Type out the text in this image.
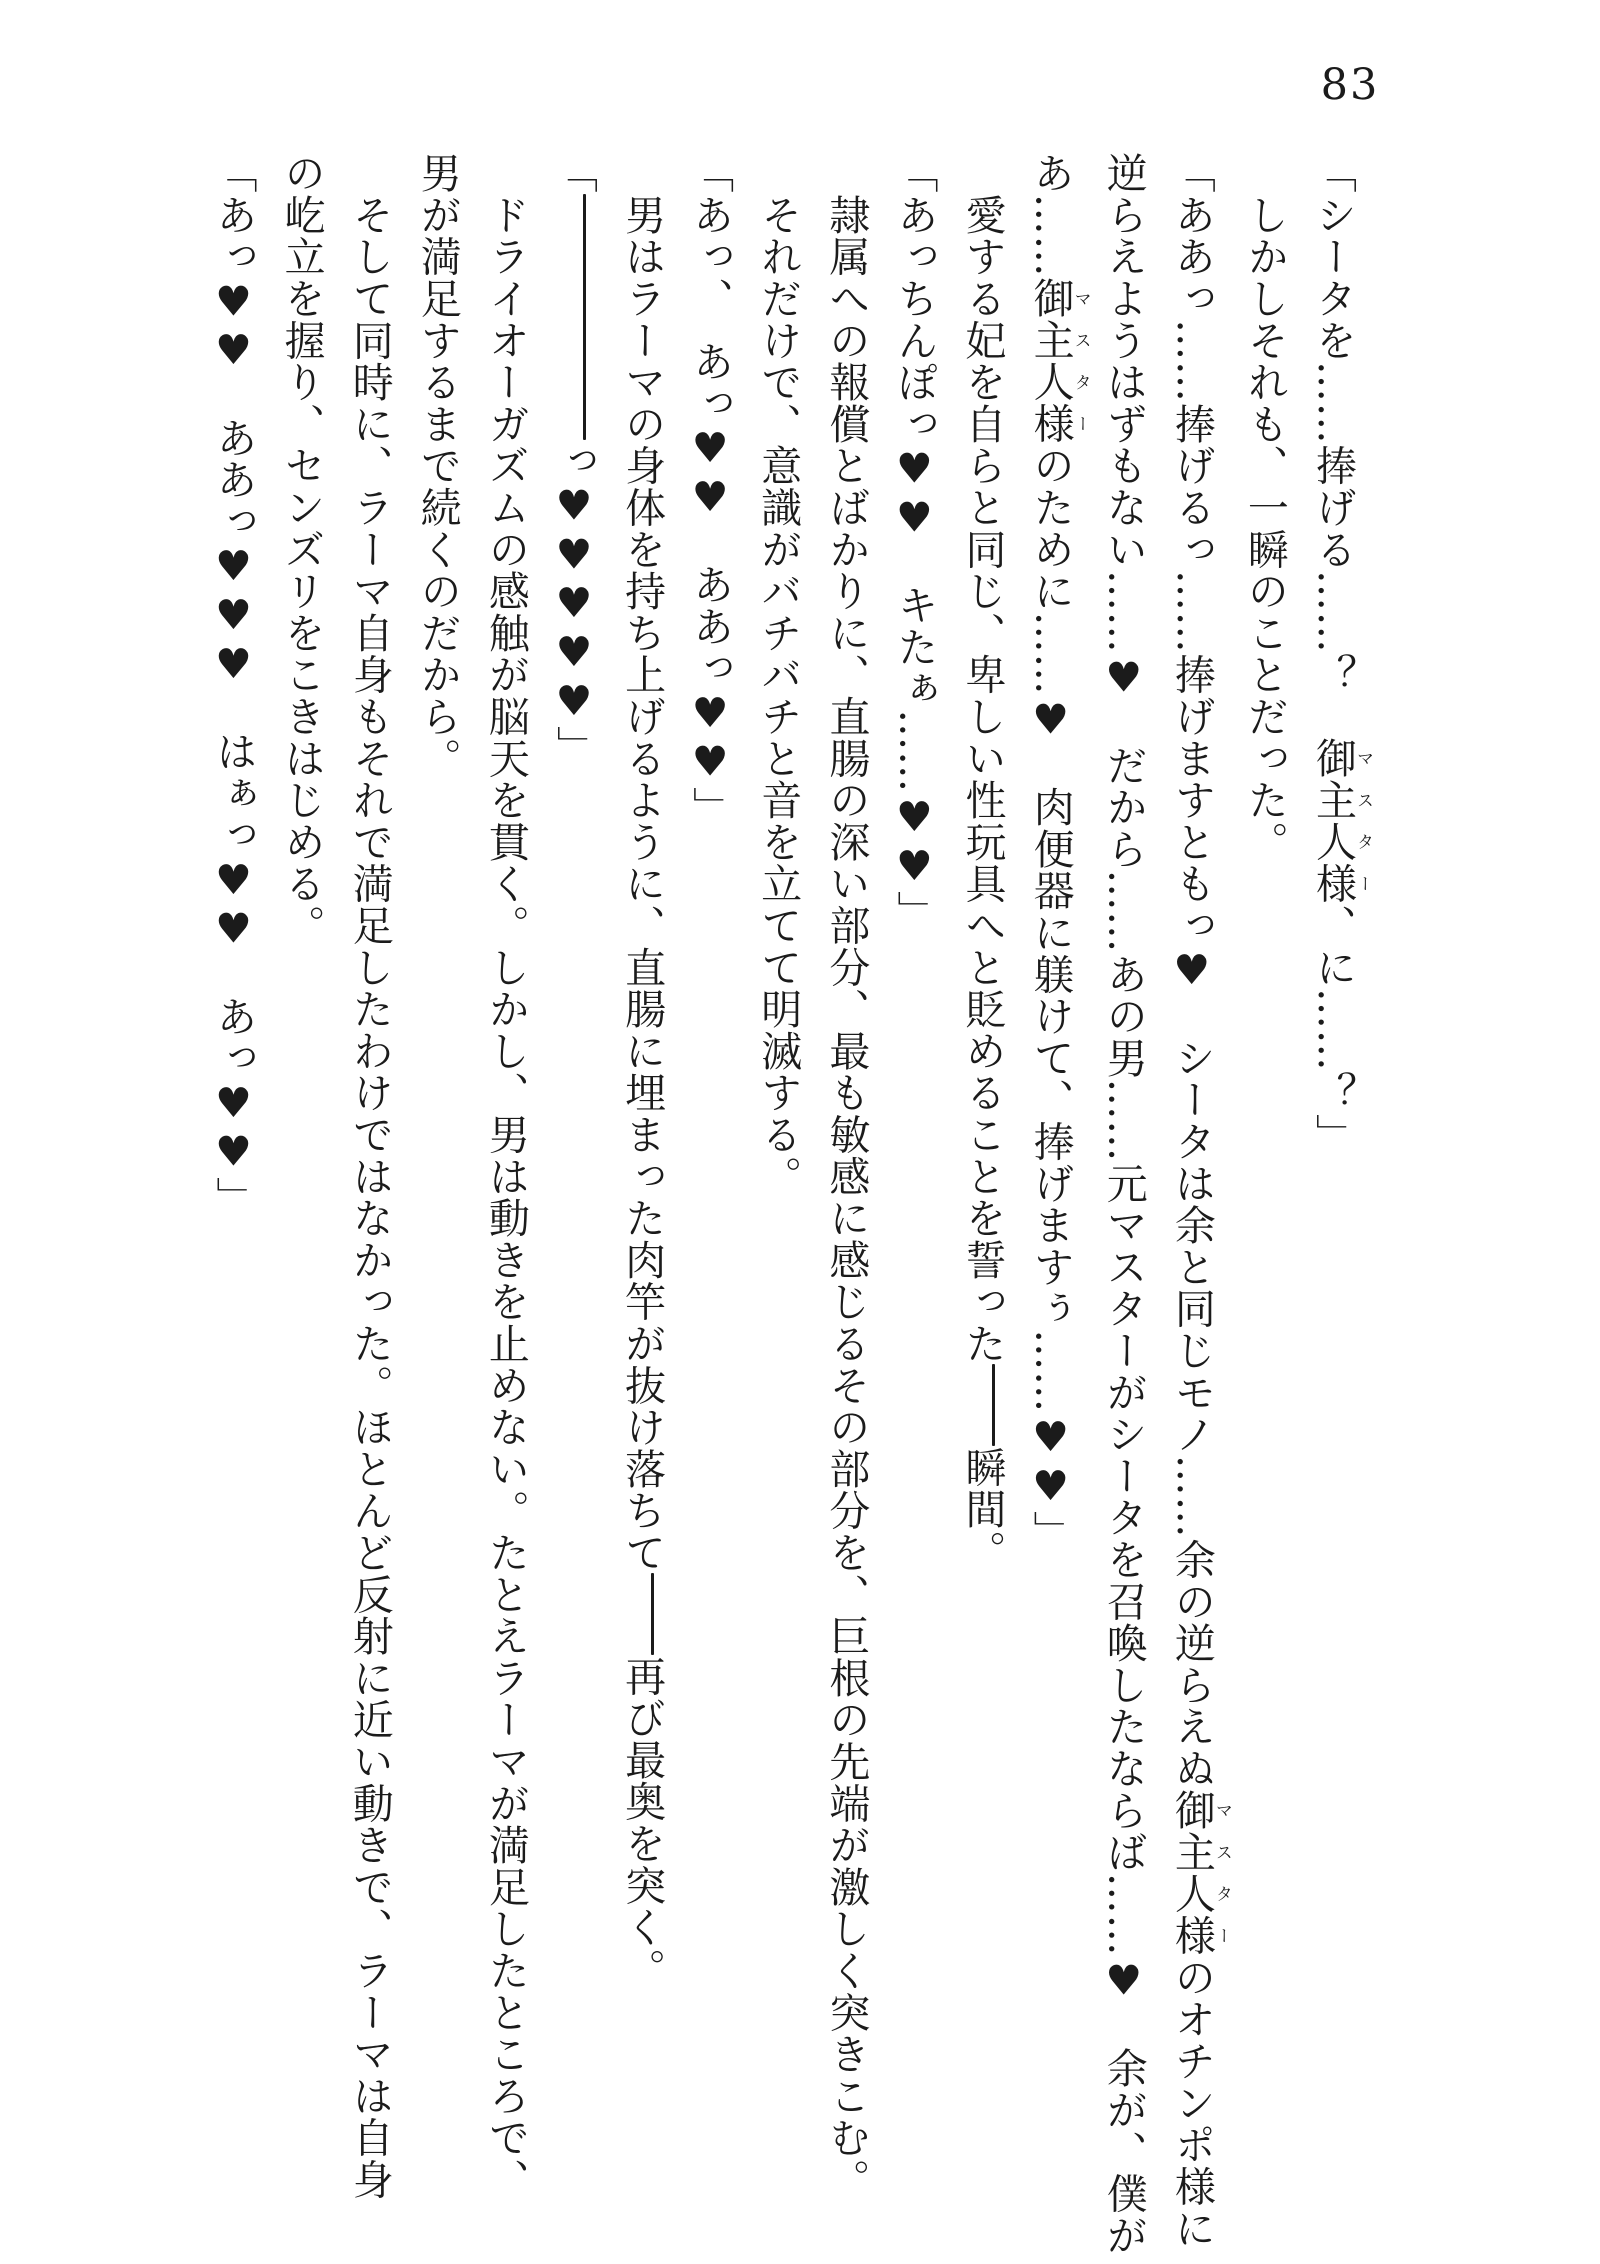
83

「シータを……捧げる……？　御主人様マスター、に……？」

　しかしそれも、一瞬のことだった。

「ああっ……捧げるっ……捧げますともっ♥　シータは余と同じモノ……余の逆らえぬ御主人様マスターのオチンポ様に

逆らえようはずもない……♥　だから……あの男……元マスターがシータを召喚したならば……♥　余が、僕が

あ……御主人様マスターのために……♥　肉便器に躾けて、捧げますぅ……♥♥」

　愛する妃を自らと同じ、卑しい性玩具へと貶めることを誓った瞬間。

「あっちんぽっ♥♥　キたぁ……♥♥」

　隷属への報償とばかりに、直腸の深い部分、最も敏感に感じるその部分を、巨根の先端が激しく突きこむ。

　それだけで、意識がバチバチと音を立てて明滅する。

「あっ、　あっ♥♥　ああっ♥♥」

　男はラーマの身体を持ち上げるように、直腸に埋まった肉竿が抜け落ちて再び最奥を突く。

「っ♥♥♥♥♥」

　ドライオーガズムの感触が脳天を貫く。しかし、男は動きを止めない。たとえラーマが満足したところで、

男が満足するまで続くのだから。

　そして同時に、ラーマ自身もそれで満足したわけではなかった。ほとんど反射に近い動きで、ラーマは自身

の屹立を握り、センズリをこきはじめる。

「あっ♥♥　ああっ♥♥♥　はぁっ♥♥　あっ♥♥」
